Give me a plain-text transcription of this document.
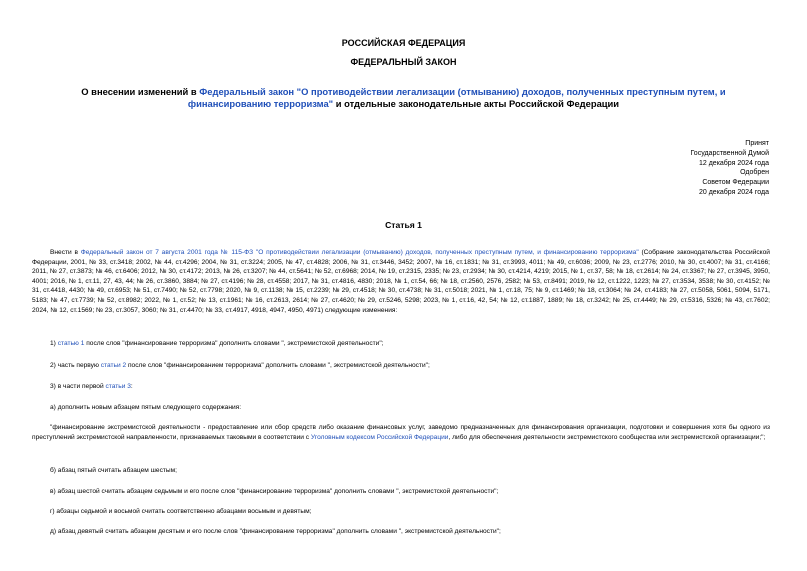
РОССИЙСКАЯ ФЕДЕРАЦИЯ
ФЕДЕРАЛЬНЫЙ ЗАКОН
О внесении изменений в Федеральный закон "О противодействии легализации (отмыванию) доходов, полученных преступным путем, и финансированию терроризма" и отдельные законодательные акты Российской Федерации
Принят
Государственной Думой
12 декабря 2024 года
Одобрен
Советом Федерации
20 декабря 2024 года
Статья 1
Внести в Федеральный закон от 7 августа 2001 года № 115-ФЗ "О противодействии легализации (отмыванию) доходов, полученных преступным путем, и финансированию терроризма" (Собрание законодательства Российской Федерации, 2001, № 33, ст.3418; 2002, № 44, ст.4296; 2004, № 31, ст.3224; 2005, № 47, ст.4828; 2006, № 31, ст.3446, 3452; 2007, № 16, ст.1831; № 31, ст.3993, 4011; № 49, ст.6036; 2009, № 23, ст.2776; 2010, № 30, ст.4007; № 31, ст.4166; 2011, № 27, ст.3873; № 46, ст.6406; 2012, № 30, ст.4172; 2013, № 26, ст.3207; № 44, ст.5641; № 52, ст.6968; 2014, № 19, ст.2315, 2335; № 23, ст.2934; № 30, ст.4214, 4219; 2015, № 1, ст.37, 58; № 18, ст.2614; № 24, ст.3367; № 27, ст.3945, 3950, 4001; 2016, № 1, ст.11, 27, 43, 44; № 26, ст.3860, 3884; № 27, ст.4196; № 28, ст.4558; 2017, № 31, ст.4816, 4830; 2018, № 1, ст.54, 66; № 18, ст.2560, 2576, 2582; № 53, ст.8491; 2019, № 12, ст.1222, 1223; № 27, ст.3534, 3538; № 30, ст.4152; № 31, ст.4418, 4430; № 49, ст.6953; № 51, ст.7490; № 52, ст.7798; 2020, № 9, ст.1138; № 15, ст.2239; № 29, ст.4518; № 30, ст.4738; № 31, ст.5018; 2021, № 1, ст.18, 75; № 9, ст.1469; № 18, ст.3064; № 24, ст.4183; № 27, ст.5058, 5061, 5094, 5171, 5183; № 47, ст.7739; № 52, ст.8982; 2022, № 1, ст.52; № 13, ст.1961; № 16, ст.2613, 2614; № 27, ст.4620; № 29, ст.5246, 5298; 2023, № 1, ст.16, 42, 54; № 12, ст.1887, 1889; № 18, ст.3242; № 25, ст.4449; № 29, ст.5316, 5326; № 43, ст.7602; 2024, № 12, ст.1569; № 23, ст.3057, 3060; № 31, ст.4470; № 33, ст.4917, 4918, 4947, 4950, 4971) следующие изменения:
1) статью 1 после слов "финансирование терроризма" дополнить словами ", экстремистской деятельности";
2) часть первую статьи 2 после слов "финансированием терроризма" дополнить словами ", экстремистской деятельности";
3) в части первой статьи 3:
а) дополнить новым абзацем пятым следующего содержания:
"финансирование экстремистской деятельности - предоставление или сбор средств либо оказание финансовых услуг, заведомо предназначенных для финансирования организации, подготовки и совершения хотя бы одного из преступлений экстремистской направленности, признаваемых таковыми в соответствии с Уголовным кодексом Российской Федерации, либо для обеспечения деятельности экстремистского сообщества или экстремистской организации;";
б) абзац пятый считать абзацем шестым;
в) абзац шестой считать абзацем седьмым и его после слов "финансирование терроризма" дополнить словами ", экстремистской деятельности";
г) абзацы седьмой и восьмой считать соответственно абзацами восьмым и девятым;
д) абзац девятый считать абзацем десятым и его после слов "финансирование терроризма" дополнить словами ", экстремистской деятельности";
